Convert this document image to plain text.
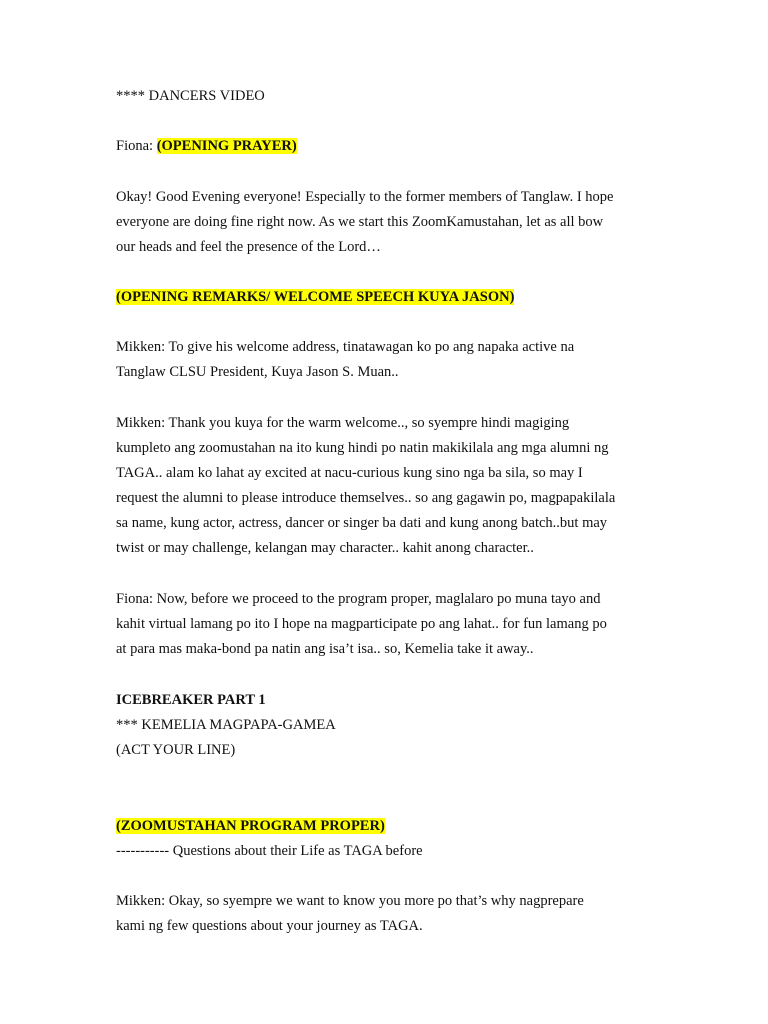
**** DANCERS VIDEO
Fiona: (OPENING PRAYER)
Okay! Good Evening everyone! Especially to the former members of Tanglaw. I hope
everyone are doing fine right now. As we start this ZoomKamustahan, let as all bow
our heads and feel the presence of the Lord…
(OPENING REMARKS/ WELCOME SPEECH KUYA JASON)
Mikken: To give his welcome address, tinatawagan ko po ang napaka active na
Tanglaw CLSU President, Kuya Jason S. Muan..
Mikken: Thank you kuya for the warm welcome.., so syempre hindi magiging
kumpleto ang zoomustahan na ito kung hindi po natin makikilala ang mga alumni ng
TAGA.. alam ko lahat ay excited at nacu-curious kung sino nga ba sila, so may I
request the alumni to please introduce themselves.. so ang gagawin po, magpapakilala
sa name, kung actor, actress, dancer or singer ba dati and kung anong batch..but may
twist or may challenge, kelangan may character.. kahit anong character..
Fiona: Now, before we proceed to the program proper, maglalaro po muna tayo and
kahit virtual lamang po ito I hope na magparticipate po ang lahat.. for fun lamang po
at para mas maka-bond pa natin ang isa’t isa.. so, Kemelia take it away..
ICEBREAKER PART 1
*** KEMELIA MAGPAPA-GAMEA
(ACT YOUR LINE)
(ZOOMUSTAHAN PROGRAM PROPER)
----------- Questions about their Life as TAGA before
Mikken: Okay, so syempre we want to know you more po that’s why nagprepare
kami ng few questions about your journey as TAGA.
